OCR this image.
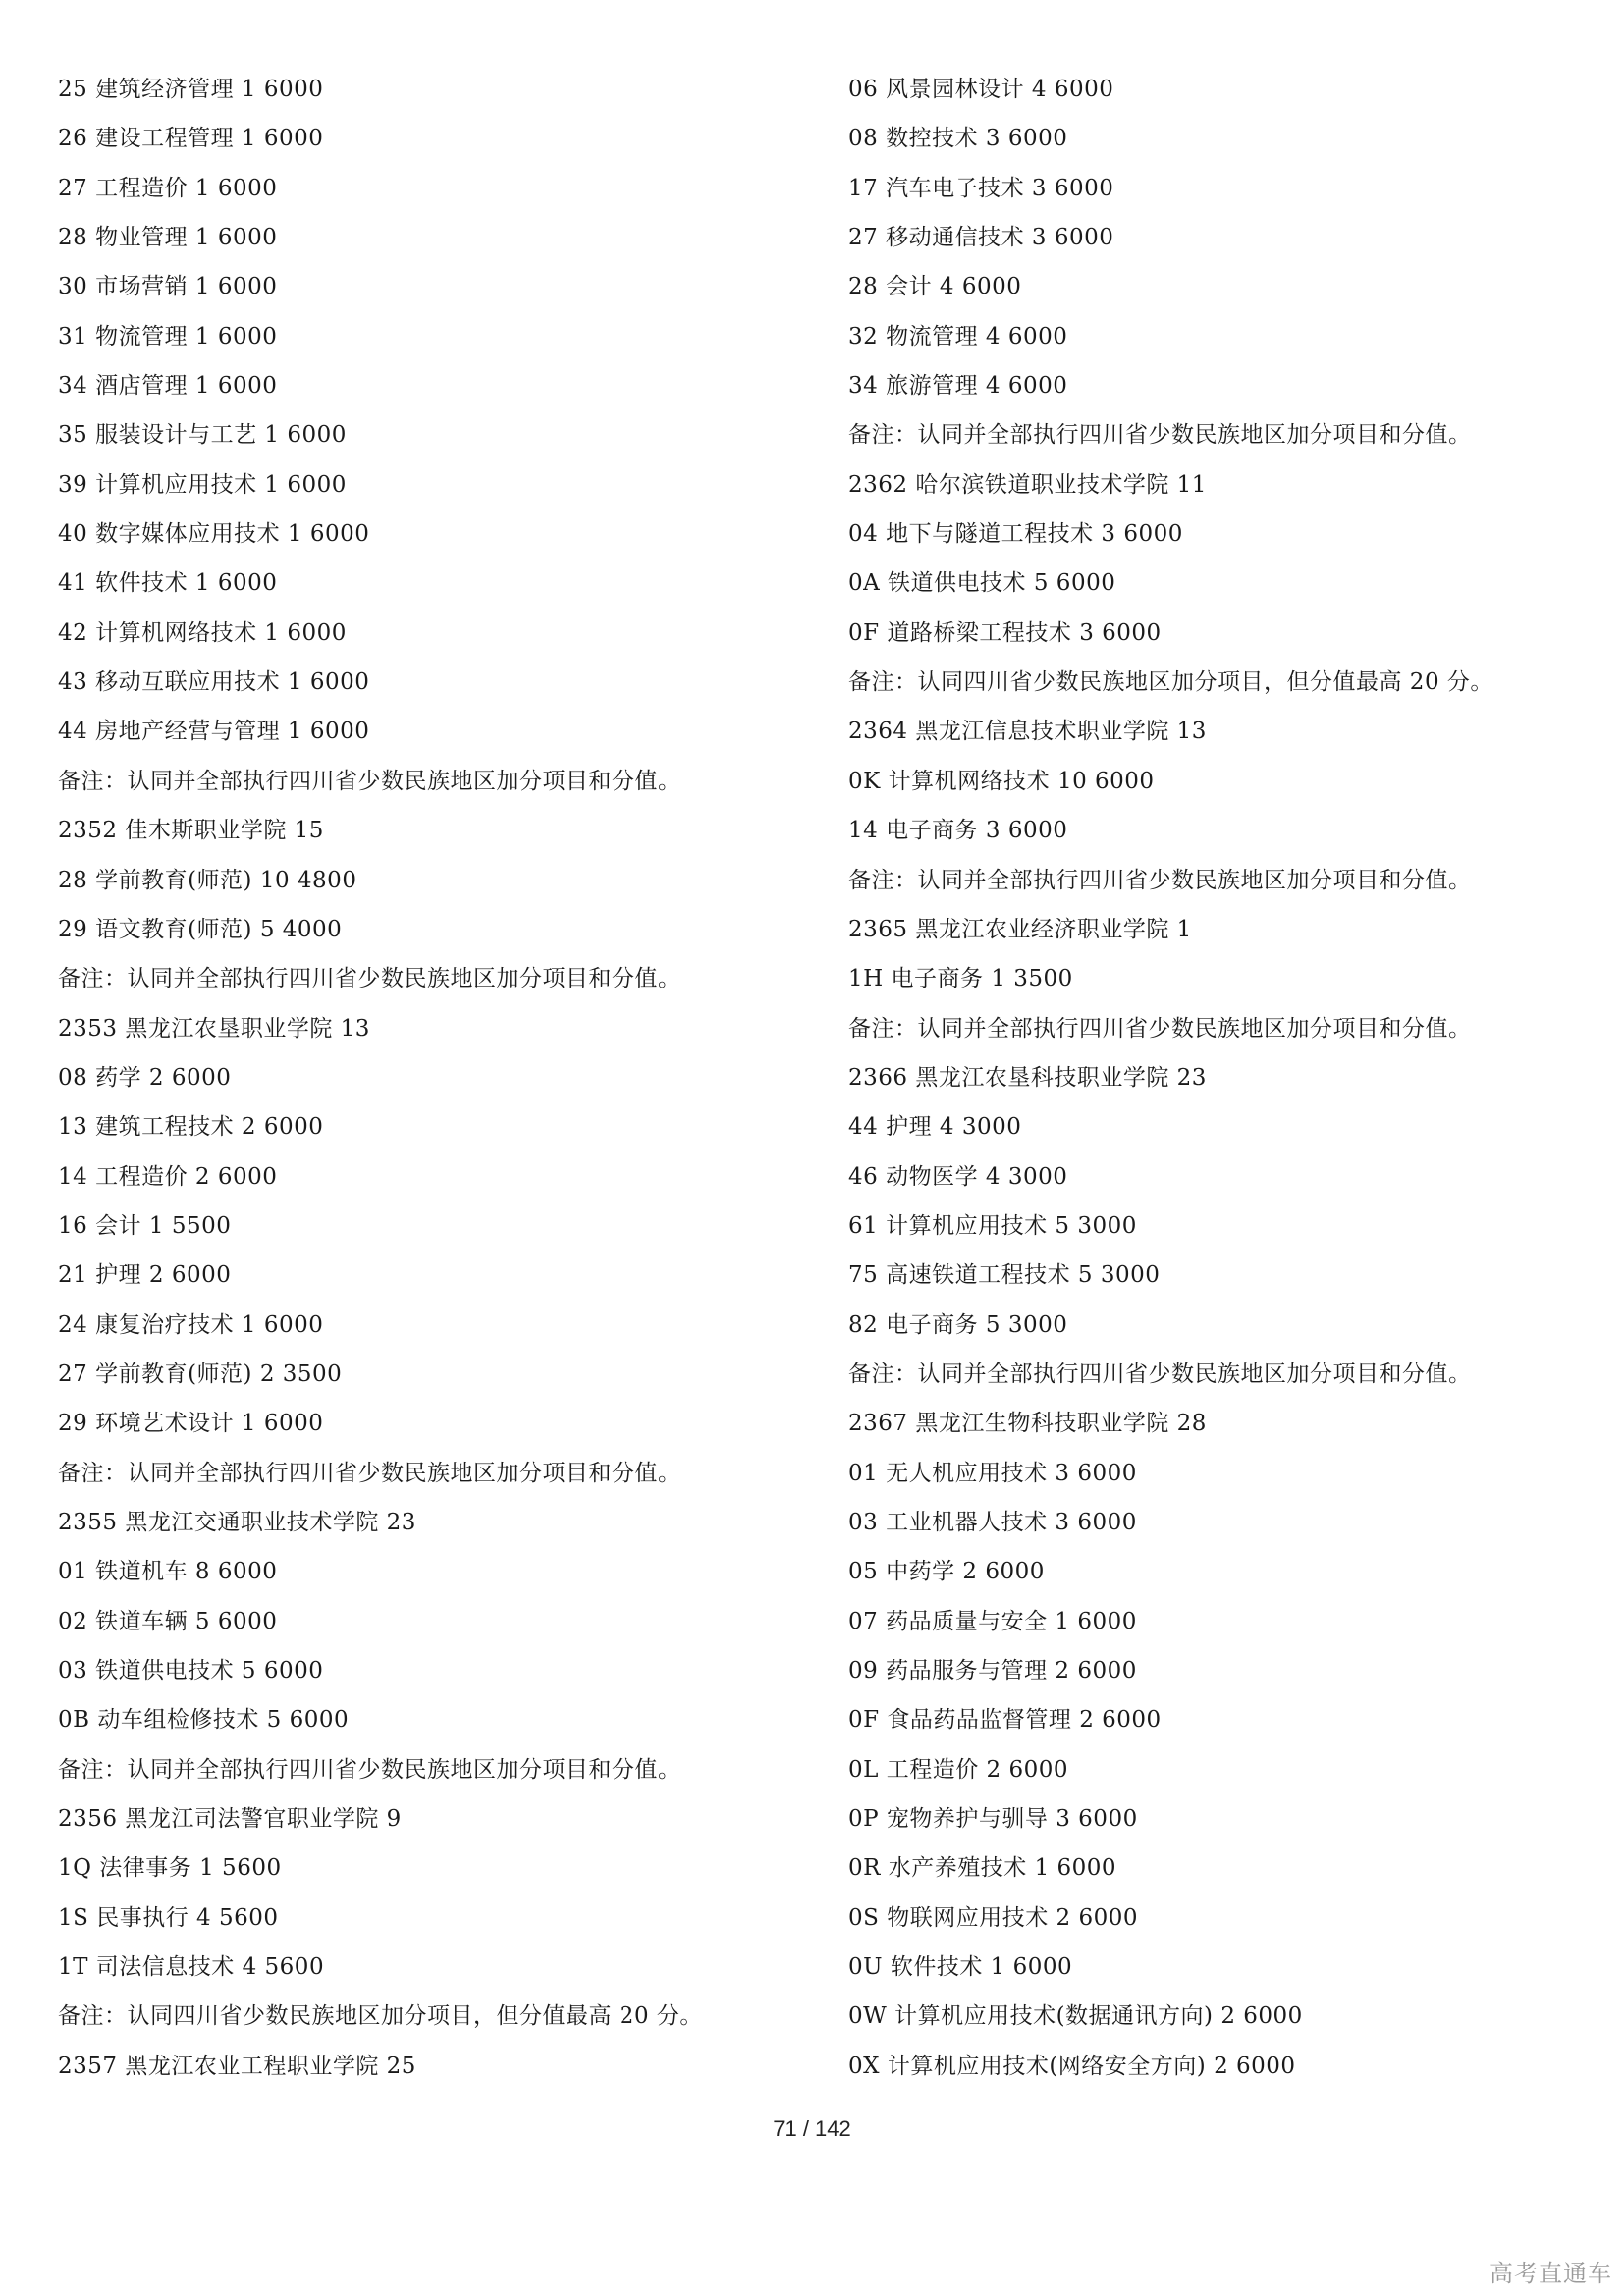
25 建筑经济管理 1 6000
26 建设工程管理 1 6000
27 工程造价 1 6000
28 物业管理 1 6000
30 市场营销 1 6000
31 物流管理 1 6000
34 酒店管理 1 6000
35 服装设计与工艺 1 6000
39 计算机应用技术 1 6000
40 数字媒体应用技术 1 6000
41 软件技术 1 6000
42 计算机网络技术 1 6000
43 移动互联应用技术 1 6000
44 房地产经营与管理 1 6000
备注：认同并全部执行四川省少数民族地区加分项目和分值。
2352 佳木斯职业学院 15
28 学前教育(师范) 10 4800
29 语文教育(师范) 5 4000
备注：认同并全部执行四川省少数民族地区加分项目和分值。
2353 黑龙江农垦职业学院 13
08 药学 2 6000
13 建筑工程技术 2 6000
14 工程造价 2 6000
16 会计 1 5500
21 护理 2 6000
24 康复治疗技术 1 6000
27 学前教育(师范) 2 3500
29 环境艺术设计 1 6000
备注：认同并全部执行四川省少数民族地区加分项目和分值。
2355 黑龙江交通职业技术学院 23
01 铁道机车 8 6000
02 铁道车辆 5 6000
03 铁道供电技术 5 6000
0B 动车组检修技术 5 6000
备注：认同并全部执行四川省少数民族地区加分项目和分值。
2356 黑龙江司法警官职业学院 9
1Q 法律事务 1 5600
1S 民事执行 4 5600
1T 司法信息技术 4 5600
备注：认同四川省少数民族地区加分项目，但分值最高 20 分。
2357 黑龙江农业工程职业学院 25
06 风景园林设计 4 6000
08 数控技术 3 6000
17 汽车电子技术 3 6000
27 移动通信技术 3 6000
28 会计 4 6000
32 物流管理 4 6000
34 旅游管理 4 6000
备注：认同并全部执行四川省少数民族地区加分项目和分值。
2362 哈尔滨铁道职业技术学院 11
04 地下与隧道工程技术 3 6000
0A 铁道供电技术 5 6000
0F 道路桥梁工程技术 3 6000
备注：认同四川省少数民族地区加分项目，但分值最高 20 分。
2364 黑龙江信息技术职业学院 13
0K 计算机网络技术 10 6000
14 电子商务 3 6000
备注：认同并全部执行四川省少数民族地区加分项目和分值。
2365 黑龙江农业经济职业学院 1
1H 电子商务 1 3500
备注：认同并全部执行四川省少数民族地区加分项目和分值。
2366 黑龙江农垦科技职业学院 23
44 护理 4 3000
46 动物医学 4 3000
61 计算机应用技术 5 3000
75 高速铁道工程技术 5 3000
82 电子商务 5 3000
备注：认同并全部执行四川省少数民族地区加分项目和分值。
2367 黑龙江生物科技职业学院 28
01 无人机应用技术 3 6000
03 工业机器人技术 3 6000
05 中药学 2 6000
07 药品质量与安全 1 6000
09 药品服务与管理 2 6000
0F 食品药品监督管理 2 6000
0L 工程造价 2 6000
0P 宠物养护与驯导 3 6000
0R 水产养殖技术 1 6000
0S 物联网应用技术 2 6000
0U 软件技术 1 6000
0W 计算机应用技术(数据通讯方向) 2 6000
0X 计算机应用技术(网络安全方向) 2 6000
71 / 142
高考直通车
